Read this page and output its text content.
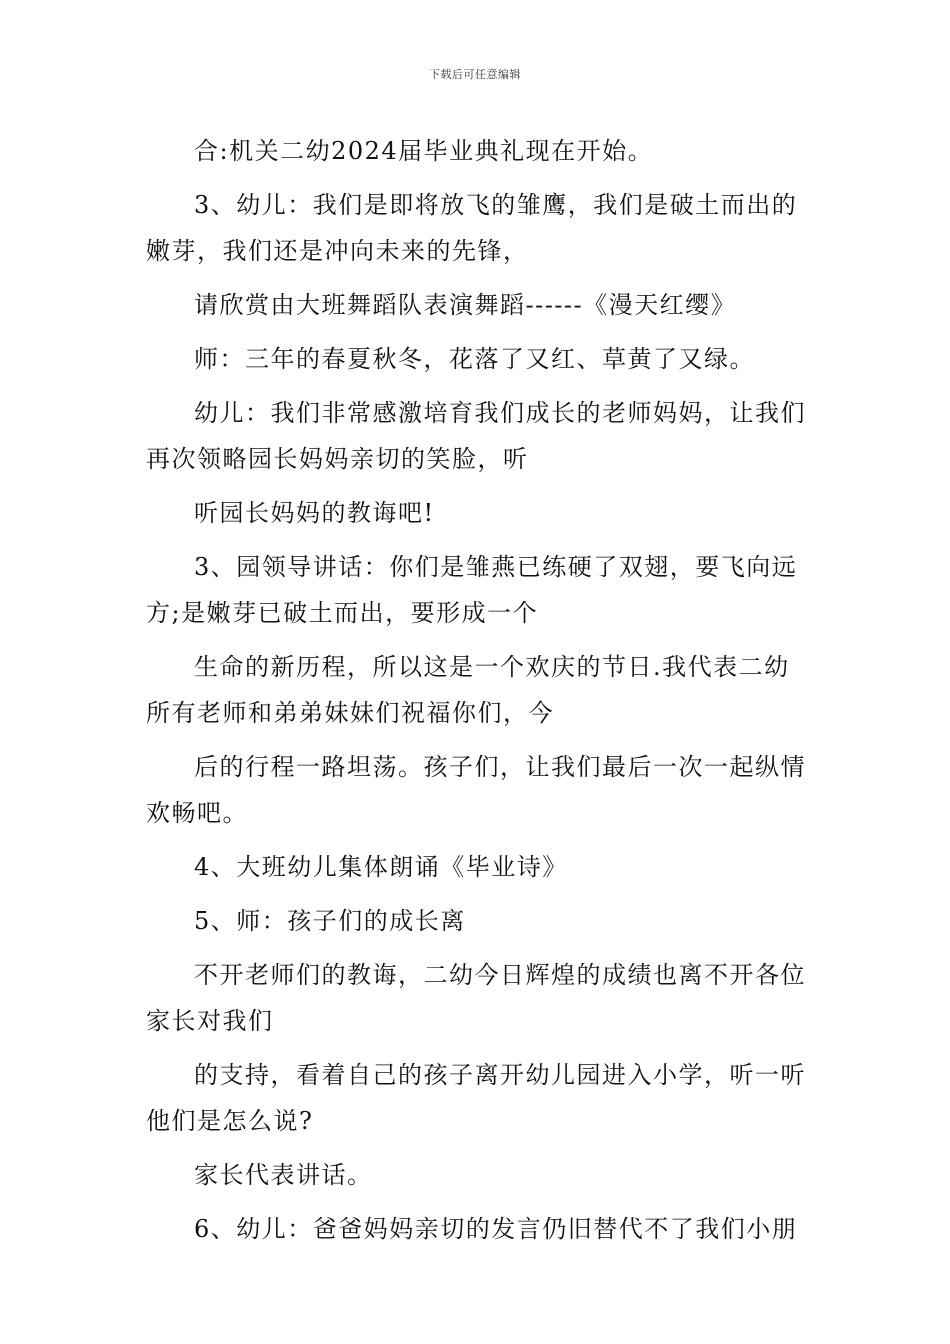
下载后可任意编辑

合:机关二幼2024届毕业典礼现在开始。

3、幼儿：我们是即将放飞的雏鹰，我们是破土而出的嫩芽，我们还是冲向未来的先锋，

请欣赏由大班舞蹈队表演舞蹈------《漫天红缨》

师：三年的春夏秋冬，花落了又红、草黄了又绿。

幼儿：我们非常感激培育我们成长的老师妈妈，让我们再次领略园长妈妈亲切的笑脸，听

听园长妈妈的教诲吧!

3、园领导讲话：你们是雏燕已练硬了双翅，要飞向远方;是嫩芽已破土而出，要形成一个

生命的新历程，所以这是一个欢庆的节日.我代表二幼所有老师和弟弟妹妹们祝福你们，今

后的行程一路坦荡。孩子们，让我们最后一次一起纵情欢畅吧。

4、大班幼儿集体朗诵《毕业诗》

5、师：孩子们的成长离

不开老师们的教诲，二幼今日辉煌的成绩也离不开各位家长对我们

的支持，看着自己的孩子离开幼儿园进入小学，听一听他们是怎么说?

家长代表讲话。

6、幼儿：爸爸妈妈亲切的发言仍旧替代不了我们小朋
